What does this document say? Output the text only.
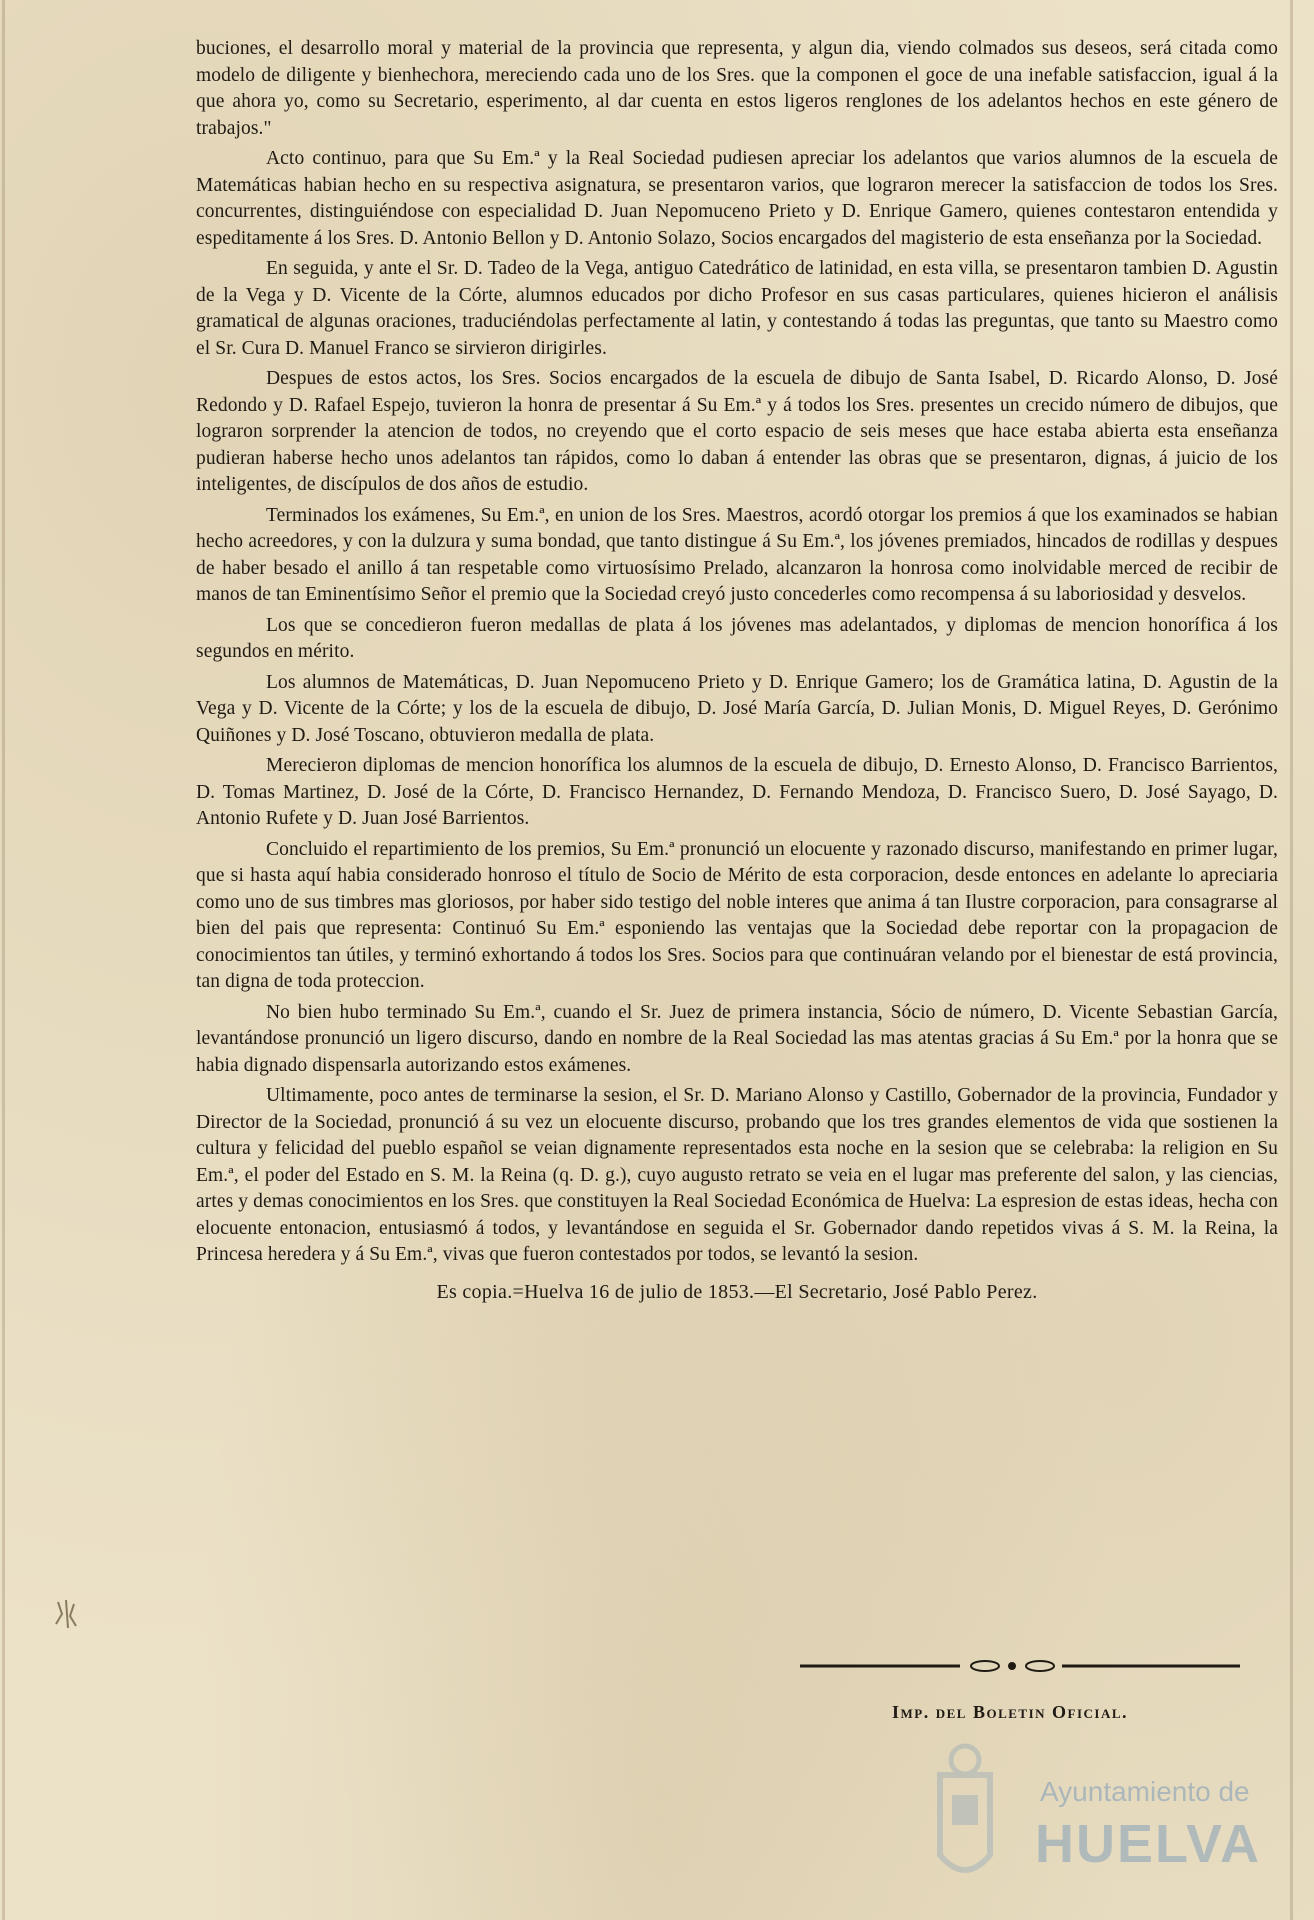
buciones, el desarrollo moral y material de la provincia que representa, y algun dia, viendo colmados sus deseos, será citada como modelo de diligente y bienhechora, mereciendo cada uno de los Sres. que la componen el goce de una inefable satisfaccion, igual á la que ahora yo, como su Secretario, esperimento, al dar cuenta en estos ligeros renglones de los adelantos hechos en este género de trabajos."

Acto continuo, para que Su Em.ª y la Real Sociedad pudiesen apreciar los adelantos que varios alumnos de la escuela de Matemáticas habian hecho en su respectiva asignatura, se presentaron varios, que lograron merecer la satisfaccion de todos los Sres. concurrentes, distinguiéndose con especialidad D. Juan Nepomuceno Prieto y D. Enrique Gamero, quienes contestaron entendida y espeditamente á los Sres. D. Antonio Bellon y D. Antonio Solazo, Socios encargados del magisterio de esta enseñanza por la Sociedad.

En seguida, y ante el Sr. D. Tadeo de la Vega, antiguo Catedrático de latinidad, en esta villa, se presentaron tambien D. Agustin de la Vega y D. Vicente de la Córte, alumnos educados por dicho Profesor en sus casas particulares, quienes hicieron el análisis gramatical de algunas oraciones, traduciéndolas perfectamente al latin, y contestando á todas las preguntas, que tanto su Maestro como el Sr. Cura D. Manuel Franco se sirvieron dirigirles.

Despues de estos actos, los Sres. Socios encargados de la escuela de dibujo de Santa Isabel, D. Ricardo Alonso, D. José Redondo y D. Rafael Espejo, tuvieron la honra de presentar á Su Em.ª y á todos los Sres. presentes un crecido número de dibujos, que lograron sorprender la atencion de todos, no creyendo que el corto espacio de seis meses que hace estaba abierta esta enseñanza pudieran haberse hecho unos adelantos tan rápidos, como lo daban á entender las obras que se presentaron, dignas, á juicio de los inteligentes, de discípulos de dos años de estudio.

Terminados los exámenes, Su Em.ª, en union de los Sres. Maestros, acordó otorgar los premios á que los examinados se habian hecho acreedores, y con la dulzura y suma bondad, que tanto distingue á Su Em.ª, los jóvenes premiados, hincados de rodillas y despues de haber besado el anillo á tan respetable como virtuosísimo Prelado, alcanzaron la honrosa como inolvidable merced de recibir de manos de tan Eminentísimo Señor el premio que la Sociedad creyó justo concederles como recompensa á su laboriosidad y desvelos.

Los que se concedieron fueron medallas de plata á los jóvenes mas adelantados, y diplomas de mencion honorífica á los segundos en mérito.

Los alumnos de Matemáticas, D. Juan Nepomuceno Prieto y D. Enrique Gamero; los de Gramática latina, D. Agustin de la Vega y D. Vicente de la Córte; y los de la escuela de dibujo, D. José María García, D. Julian Monis, D. Miguel Reyes, D. Gerónimo Quiñones y D. José Toscano, obtuvieron medalla de plata.

Merecieron diplomas de mencion honorífica los alumnos de la escuela de dibujo, D. Ernesto Alonso, D. Francisco Barrientos, D. Tomas Martinez, D. José de la Córte, D. Francisco Hernandez, D. Fernando Mendoza, D. Francisco Suero, D. José Sayago, D. Antonio Rufete y D. Juan José Barrientos.

Concluido el repartimiento de los premios, Su Em.ª pronunció un elocuente y razonado discurso, manifestando en primer lugar, que si hasta aquí habia considerado honroso el título de Socio de Mérito de esta corporacion, desde entonces en adelante lo apreciaria como uno de sus timbres mas gloriosos, por haber sido testigo del noble interes que anima á tan Ilustre corporacion, para consagrarse al bien del pais que representa: Continuó Su Em.ª esponiendo las ventajas que la Sociedad debe reportar con la propagacion de conocimientos tan útiles, y terminó exhortando á todos los Sres. Socios para que continuáran velando por el bienestar de está provincia, tan digna de toda proteccion.

No bien hubo terminado Su Em.ª, cuando el Sr. Juez de primera instancia, Sócio de número, D. Vicente Sebastian García, levantándose pronunció un ligero discurso, dando en nombre de la Real Sociedad las mas atentas gracias á Su Em.ª por la honra que se habia dignado dispensarla autorizando estos exámenes.

Ultimamente, poco antes de terminarse la sesion, el Sr. D. Mariano Alonso y Castillo, Gobernador de la provincia, Fundador y Director de la Sociedad, pronunció á su vez un elocuente discurso, probando que los tres grandes elementos de vida que sostienen la cultura y felicidad del pueblo español se veian dignamente representados esta noche en la sesion que se celebraba: la religion en Su Em.ª, el poder del Estado en S. M. la Reina (q. D. g.), cuyo augusto retrato se veia en el lugar mas preferente del salon, y las ciencias, artes y demas conocimientos en los Sres. que constituyen la Real Sociedad Económica de Huelva: La espresion de estas ideas, hecha con elocuente entonacion, entusiasmó á todos, y levantándose en seguida el Sr. Gobernador dando repetidos vivas á S. M. la Reina, la Princesa heredera y á Su Em.ª, vivas que fueron contestados por todos, se levantó la sesion.

Es copia.=Huelva 16 de julio de 1853.—El Secretario, José Pablo Perez.

Imp. del Boletin Oficial.
Ayuntamiento de
HUELVA
